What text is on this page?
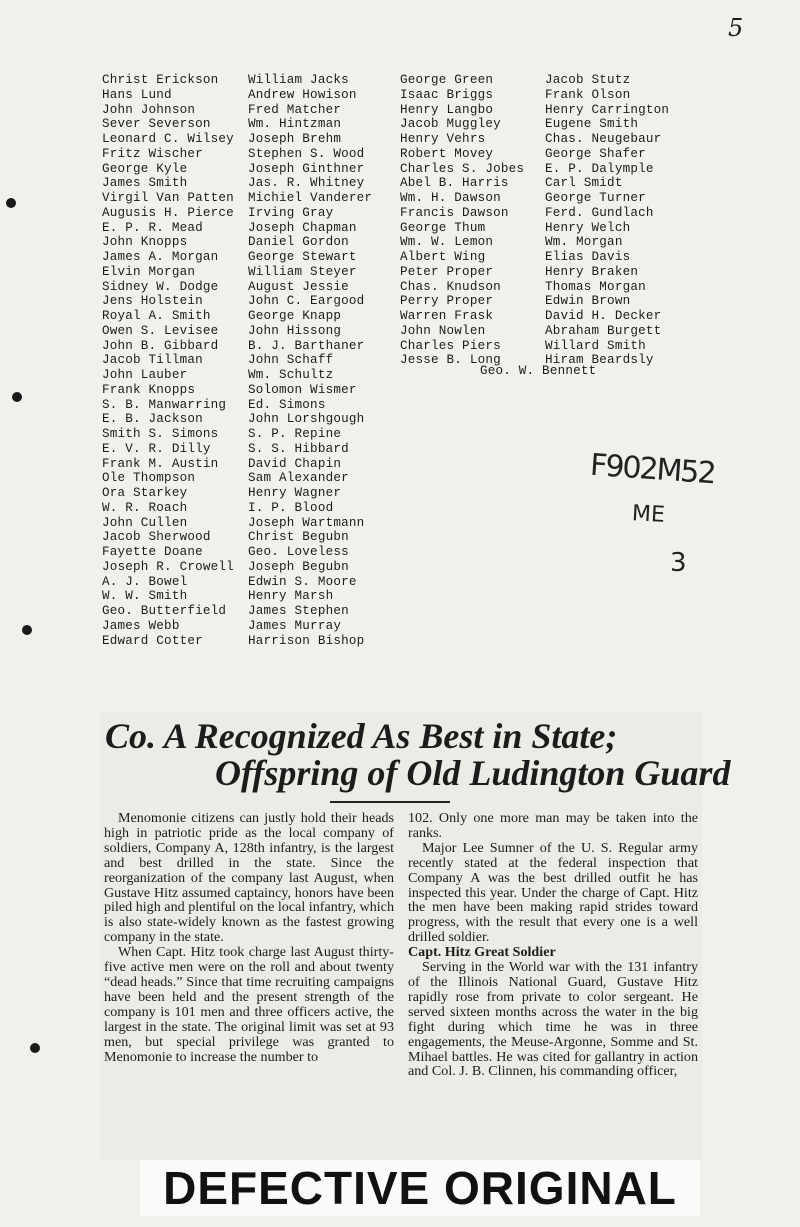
5
Christ Erickson
Hans Lund
John Johnson
Sever Severson
Leonard C. Wilsey
Fritz Wischer
George Kyle
James Smith
Virgil Van Patten
Augusis H. Pierce
E. P. R. Mead
John Knopps
James A. Morgan
Elvin Morgan
Sidney W. Dodge
Jens Holstein
Royal A. Smith
Owen S. Levisee
John B. Gibbard
Jacob Tillman
John Lauber
Frank Knopps
S. B. Manwarring
E. B. Jackson
Smith S. Simons
E. V. R. Dilly
Frank M. Austin
Ole Thompson
Ora Starkey
W. R. Roach
John Cullen
Jacob Sherwood
Fayette Doane
Joseph R. Crowell
A. J. Bowel
W. W. Smith
Geo. Butterfield
James Webb
Edward Cotter
William Jacks
Andrew Howison
Fred Matcher
Wm. Hintzman
Joseph Brehm
Stephen S. Wood
Joseph Ginthner
Jas. R. Whitney
Michiel Vanderer
Irving Gray
Joseph Chapman
Daniel Gordon
George Stewart
William Steyer
August Jessie
John C. Eargood
George Knapp
John Hissong
B. J. Barthaner
John Schaff
Wm. Schultz
Solomon Wismer
Ed. Simons
John Lorshgough
S. P. Repine
S. S. Hibbard
David Chapin
Sam Alexander
Henry Wagner
I. P. Blood
Joseph Wartmann
Christ Begubn
Geo. Loveless
Joseph Begubn
Edwin S. Moore
Henry Marsh
James Stephen
James Murray
Harrison Bishop
George Green
Isaac Briggs
Henry Langbo
Jacob Muggley
Henry Vehrs
Robert Movey
Charles S. Jobes
Abel B. Harris
Wm. H. Dawson
Francis Dawson
George Thum
Wm. W. Lemon
Albert Wing
Peter Proper
Chas. Knudson
Perry Proper
Warren Frask
John Nowlen
Charles Piers
Jesse B. Long
Jacob Stutz
Frank Olson
Henry Carrington
Eugene Smith
Chas. Neugebaur
George Shafer
E. P. Dalymple
Carl Smidt
George Turner
Ferd. Gundlach
Henry Welch
Wm. Morgan
Elias Davis
Henry Braken
Thomas Morgan
Edwin Brown
David H. Decker
Abraham Burgett
Willard Smith
Hiram Beardsly
Geo. W. Bennett
F902M52
ME
3
Co. A Recognized As Best in State;
Offspring of Old Ludington Guard

Menomonie citizens can justly hold their heads high in patriotic pride as the local company of soldiers, Company A, 128th infantry, is the largest and best drilled in the state. Since the reorganization of the company last August, when Gustave Hitz assumed captaincy, honors have been piled high and plentiful on the local infantry, which is also state-widely known as the fastest growing company in the state.

When Capt. Hitz took charge last August thirty-five active men were on the roll and about twenty “dead heads.” Since that time recruiting campaigns have been held and the present strength of the company is 101 men and three officers active, the largest in the state. The original limit was set at 93 men, but special privilege was granted to Menomonie to increase the number to

102. Only one more man may be taken into the ranks.

Major Lee Sumner of the U. S. Regular army recently stated at the federal inspection that Company A was the best drilled outfit he has inspected this year. Under the charge of Capt. Hitz the men have been making rapid strides toward progress, with the result that every one is a well drilled soldier.

Capt. Hitz Great Soldier

Serving in the World war with the 131 infantry of the Illinois National Guard, Gustave Hitz rapidly rose from private to color sergeant. He served sixteen months across the water in the big fight during which time he was in three engagements, the Meuse-Argonne, Somme and St. Mihael battles. He was cited for gallantry in action and Col. J. B. Clinnen, his commanding officer,

DEFECTIVE ORIGINAL
